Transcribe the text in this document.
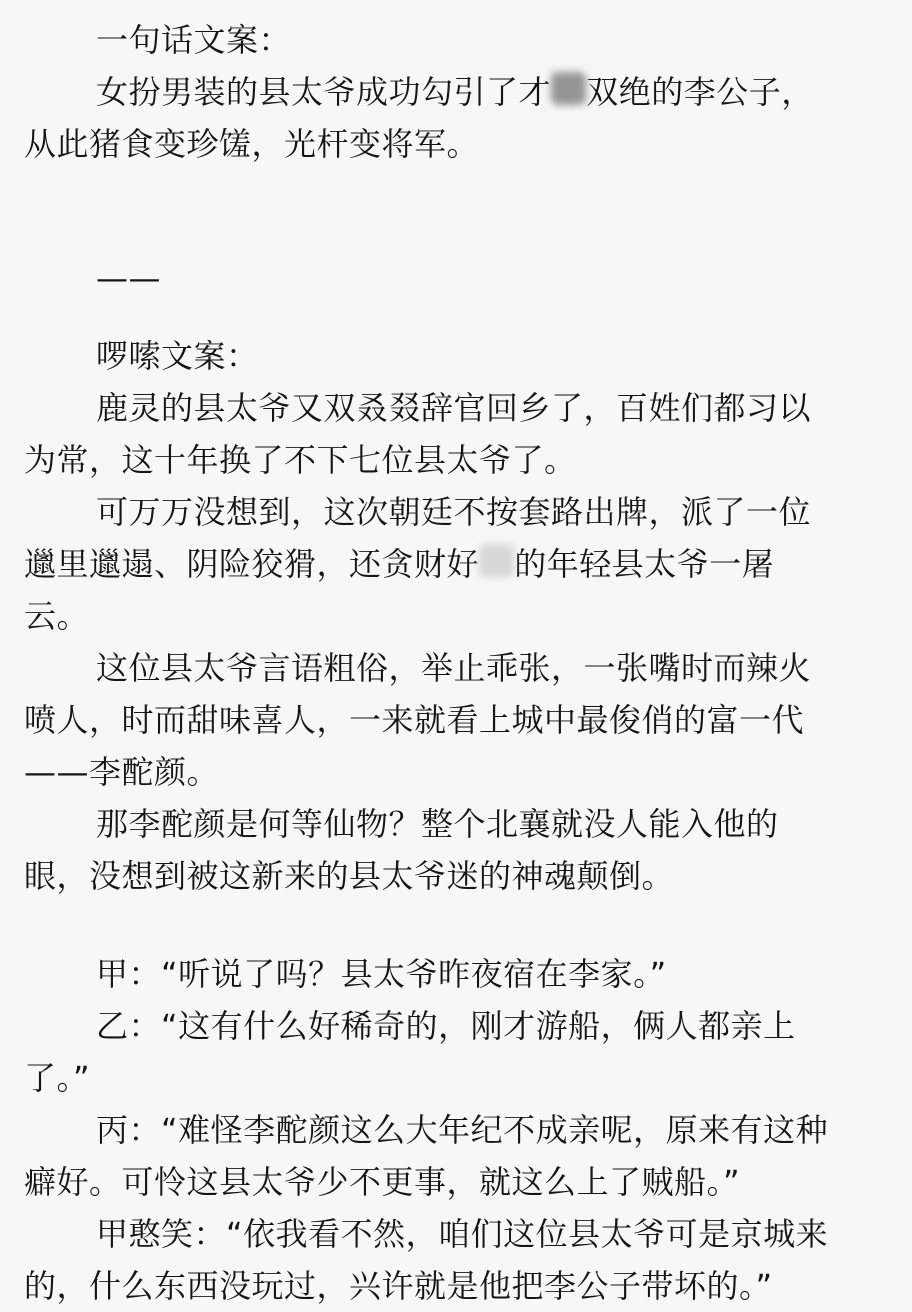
一句话文案：
女扮男装的县太爷成功勾引了才 双绝的李公子，
从此猪食变珍馐，光杆变将军。
——
啰嗦文案：
鹿灵的县太爷又双叒叕辞官回乡了，百姓们都习以
为常，这十年换了不下七位县太爷了。
可万万没想到，这次朝廷不按套路出牌，派了一位
邋里邋遢、阴险狡猾，还贪财好 的年轻县太爷一屠
云。
这位县太爷言语粗俗，举止乖张，一张嘴时而辣火
喷人，时而甜味喜人，一来就看上城中最俊俏的富一代
——李酡颜。
那李酡颜是何等仙物？整个北襄就没人能入他的
眼，没想到被这新来的县太爷迷的神魂颠倒。
甲：“听说了吗？县太爷昨夜宿在李家。”
乙：“这有什么好稀奇的，刚才游船，俩人都亲上
了。”
丙：“难怪李酡颜这么大年纪不成亲呢，原来有这种
癖好。可怜这县太爷少不更事，就这么上了贼船。”
甲憨笑：“依我看不然，咱们这位县太爷可是京城来
的，什么东西没玩过，兴许就是他把李公子带坏的。”
